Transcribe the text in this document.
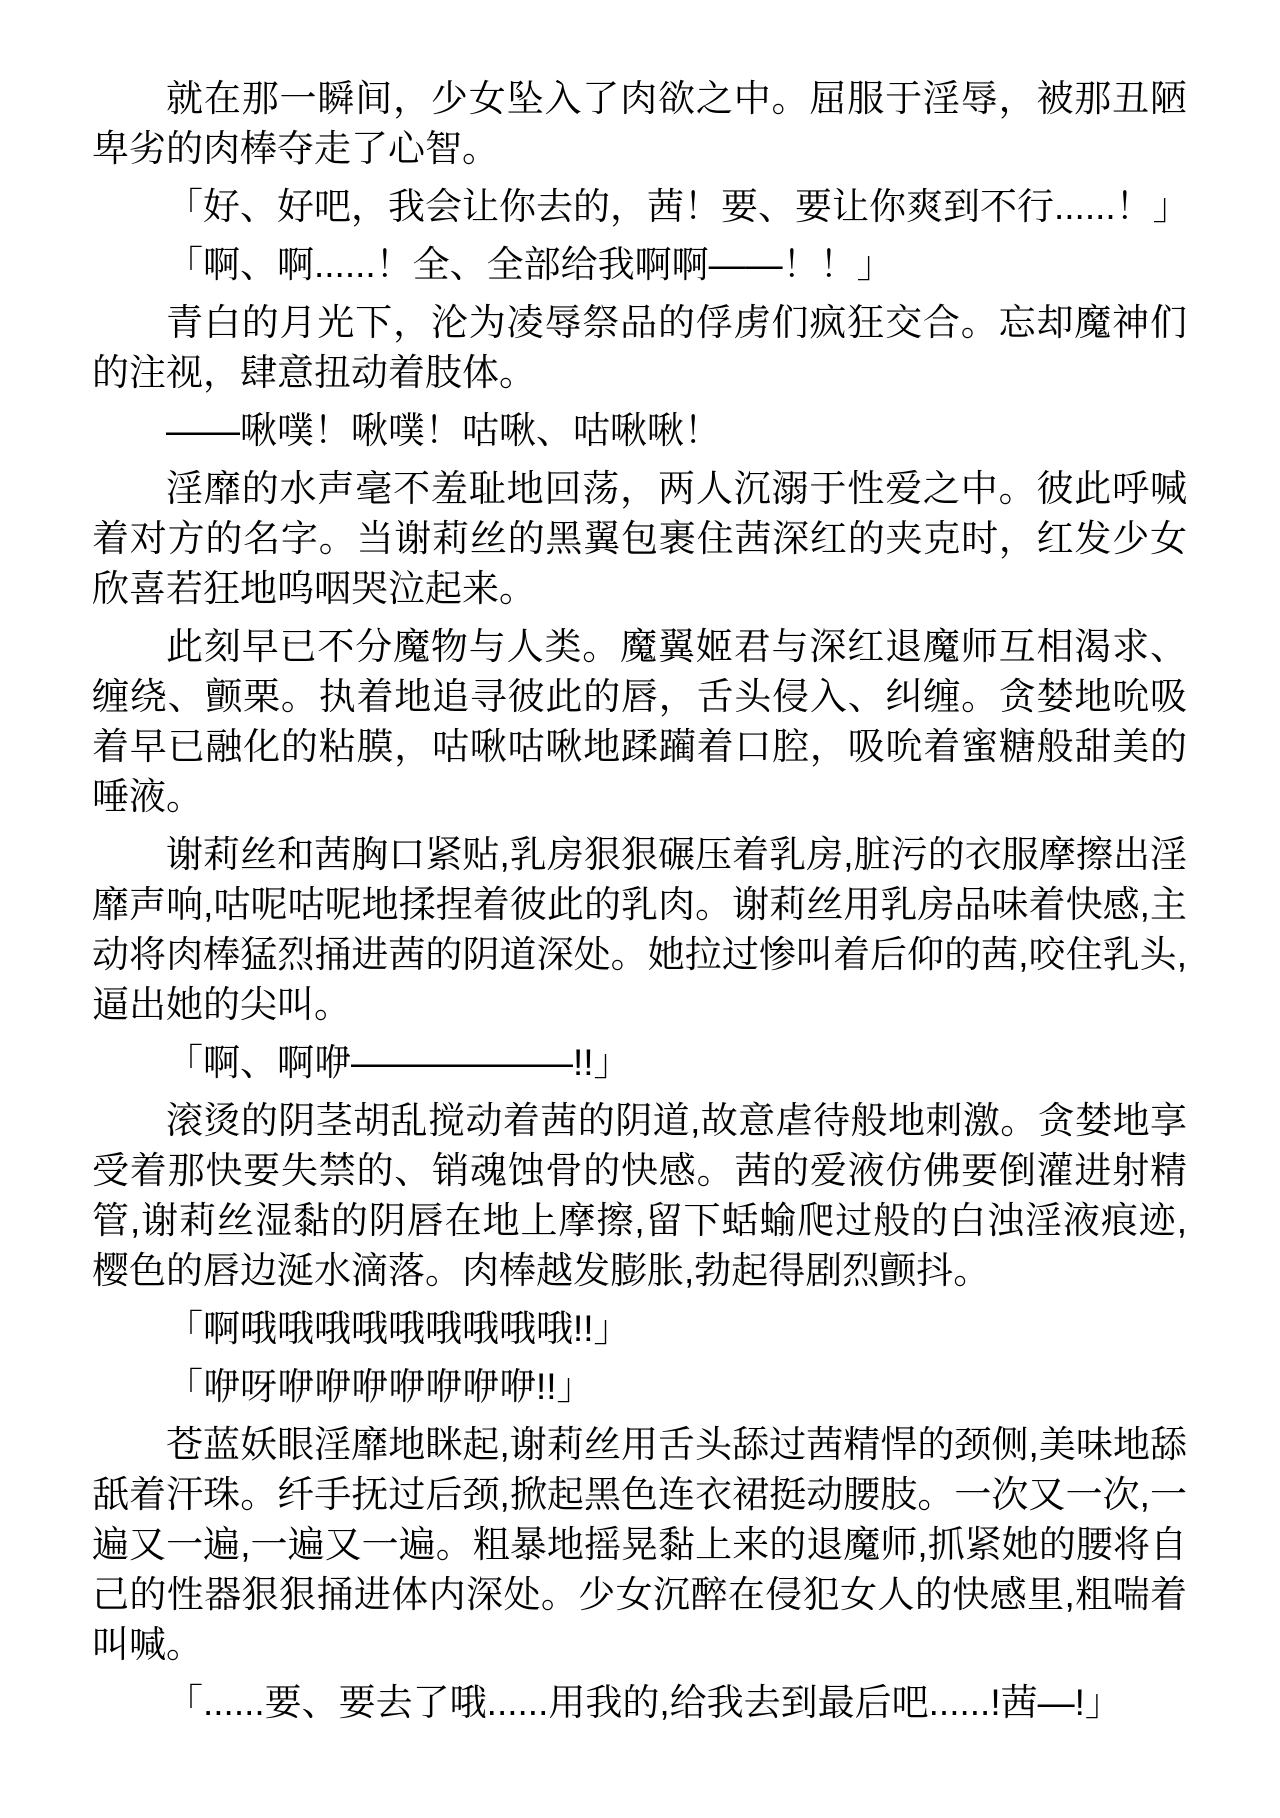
就在那一瞬间，少女坠入了肉欲之中。屈服于淫辱，被那丑陋卑劣的肉棒夺走了心智。

「好、好吧，我会让你去的，茜！要、要让你爽到不行......！」

「啊、啊......！全、全部给我啊啊——！！」

青白的月光下，沦为凌辱祭品的俘虏们疯狂交合。忘却魔神们的注视，肆意扭动着肢体。

——啾噗！啾噗！咕啾、咕啾啾！

淫靡的水声毫不羞耻地回荡，两人沉溺于性爱之中。彼此呼喊着对方的名字。当谢莉丝的黑翼包裹住茜深红的夹克时，红发少女欣喜若狂地呜咽哭泣起来。

此刻早已不分魔物与人类。魔翼姬君与深红退魔师互相渴求、缠绕、颤栗。执着地追寻彼此的唇，舌头侵入、纠缠。贪婪地吮吸着早已融化的粘膜，咕啾咕啾地蹂躏着口腔，吸吮着蜜糖般甜美的唾液。

谢莉丝和茜胸口紧贴,乳房狠狠碾压着乳房,脏污的衣服摩擦出淫靡声响,咕呢咕呢地揉捏着彼此的乳肉。谢莉丝用乳房品味着快感,主动将肉棒猛烈捅进茜的阴道深处。她拉过惨叫着后仰的茜,咬住乳头,逼出她的尖叫。

「啊、啊咿——————!!」

滚烫的阴茎胡乱搅动着茜的阴道,故意虐待般地刺激。贪婪地享受着那快要失禁的、销魂蚀骨的快感。茜的爱液仿佛要倒灌进射精管,谢莉丝湿黏的阴唇在地上摩擦,留下蛞蝓爬过般的白浊淫液痕迹,樱色的唇边涎水滴落。肉棒越发膨胀,勃起得剧烈颤抖。

「啊哦哦哦哦哦哦哦哦哦!!」

「咿呀咿咿咿咿咿咿咿!!」

苍蓝妖眼淫靡地眯起,谢莉丝用舌头舔过茜精悍的颈侧,美味地舔舐着汗珠。纤手抚过后颈,掀起黑色连衣裙挺动腰肢。一次又一次,一遍又一遍,一遍又一遍。粗暴地摇晃黏上来的退魔师,抓紧她的腰将自己的性器狠狠捅进体内深处。少女沉醉在侵犯女人的快感里,粗喘着叫喊。

「......要、要去了哦......用我的,给我去到最后吧......!茜—!」
